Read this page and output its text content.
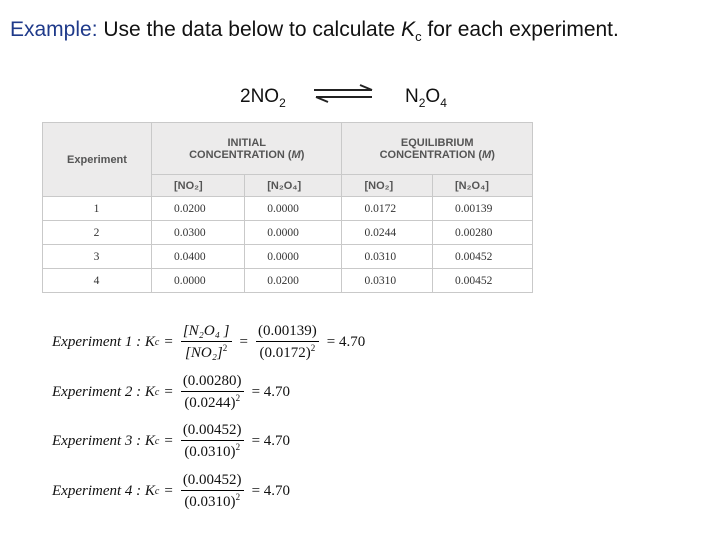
Example: Use the data below to calculate $K_c$ for each experiment.
$2NO_2$	$N_2O_4$
Experiment	INITIAL
CONCENTRATION (M)		EQUILIBRIUM
CONCENTRATION (M)	
	[NO₂]	[N₂O₄]	[NO₂]	[N₂O₄]
1	0.0200	0.0000	0.0172	0.00139
2	0.0300	0.0000	0.0244	0.00280
3	0.0400	0.0000	0.0310	0.00452
4	0.0000	0.0200	0.0310	0.00452
Experiment 1 : K $c = \frac{\text{[N₂O₄ ]}}{[NO_2]^2} = \frac{(0.00139)}{(0.0172)^2} = 4.70$
Experiment 2 : K $c = \frac{(0.00280)}{(0.0244)^2} = 4.70$
Experiment 3 : K $c = \frac{(0.00452)}{(0.0310)^2} = 4.70$
Experiment 4 : K $c = \frac{(0.00452)}{(0.0310)^2} = 4.70$
